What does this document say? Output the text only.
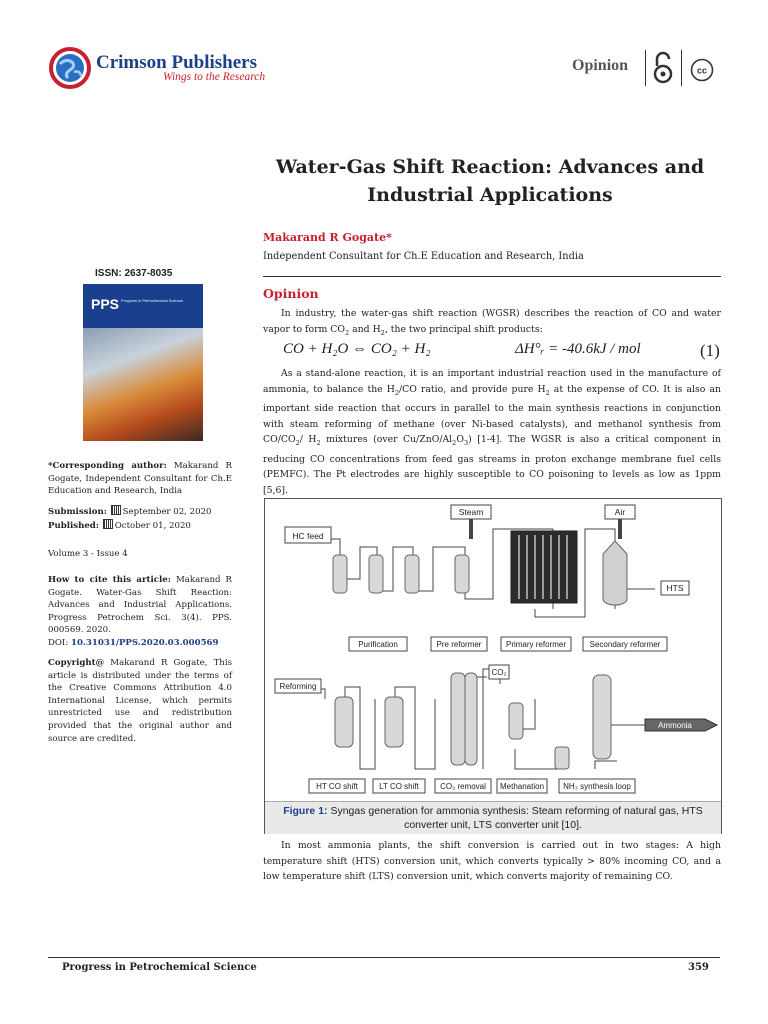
Crimson Publishers
Wings to the Research
Opinion	cc
Water-Gas Shift Reaction: Advances and Industrial Applications
Makarand R Gogate*
Independent Consultant for Ch.E Education and Research, India
Opinion
In industry, the water-gas shift reaction (WGSR) describes the reaction of CO and water vapor to form $CO_2$ and $H_2$, the two principal shift products:
CO + H₂O ⇔ CO₂ + H₂	ΔH°ᵣ = -40.6kJ / mol	(1)
As a stand-alone reaction, it is an important industrial reaction used in the manufacture of ammonia, to balance the $H_2/CO$ ratio, and provide pure $H_2$ at the expense of CO. It is also an important side reaction that occurs in parallel to the main synthesis reactions in conjunction with steam reforming of methane (over Ni-based catalysts), and methanol synthesis from $CO/CO_2/$ $H_2$ mixtures (over $Cu/ZnO/Al_2O_3$) [1-4]. The WGSR is also a critical component in reducing CO concentrations from feed gas streams in proton exchange membrane fuel cells (PEMFC). The Pt electrodes are highly susceptible to CO poisoning to levels as low as 1ppm [5,6].
HC feed
Steam	Air
HTS
Purification	Pre reformer	Primary reformer	Secondary reformer
Reforming
CO₂
Ammonia
HT CO shift	LT CO shift	CO₂ removal Methanation NH₃ synthesis loop
Figure 1: Syngas generation for ammonia synthesis: Steam reforming of natural gas, HTS converter unit, LTS converter unit [10].
In most ammonia plants, the shift conversion is carried out in two stages: A high temperature shift (HTS) conversion unit, which converts typically > 80% incoming CO, and a low temperature shift (LTS) conversion unit, which converts majority of remaining CO.
ISSN: 2637-8035
PPS Progress in Petrochemical Science
*Corresponding author: Makarand R Gogate, Independent Consultant for Ch.E Education and Research, India
Submission: September 02, 2020
Published: October 01, 2020
Volume 3 - Issue 4
How to cite this article: Makarand R Gogate. Water-Gas Shift Reaction: Advances and Industrial Applications. Progress Petrochem Sci. 3(4). PPS. 000569. 2020.
DOI: 10.31031/PPS.2020.03.000569
Copyright@ Makarand R Gogate, This article is distributed under the terms of the Creative Commons Attribution 4.0 International License, which permits unrestricted use and redistribution provided that the original author and source are credited.
Progress in Petrochemical Science	359
